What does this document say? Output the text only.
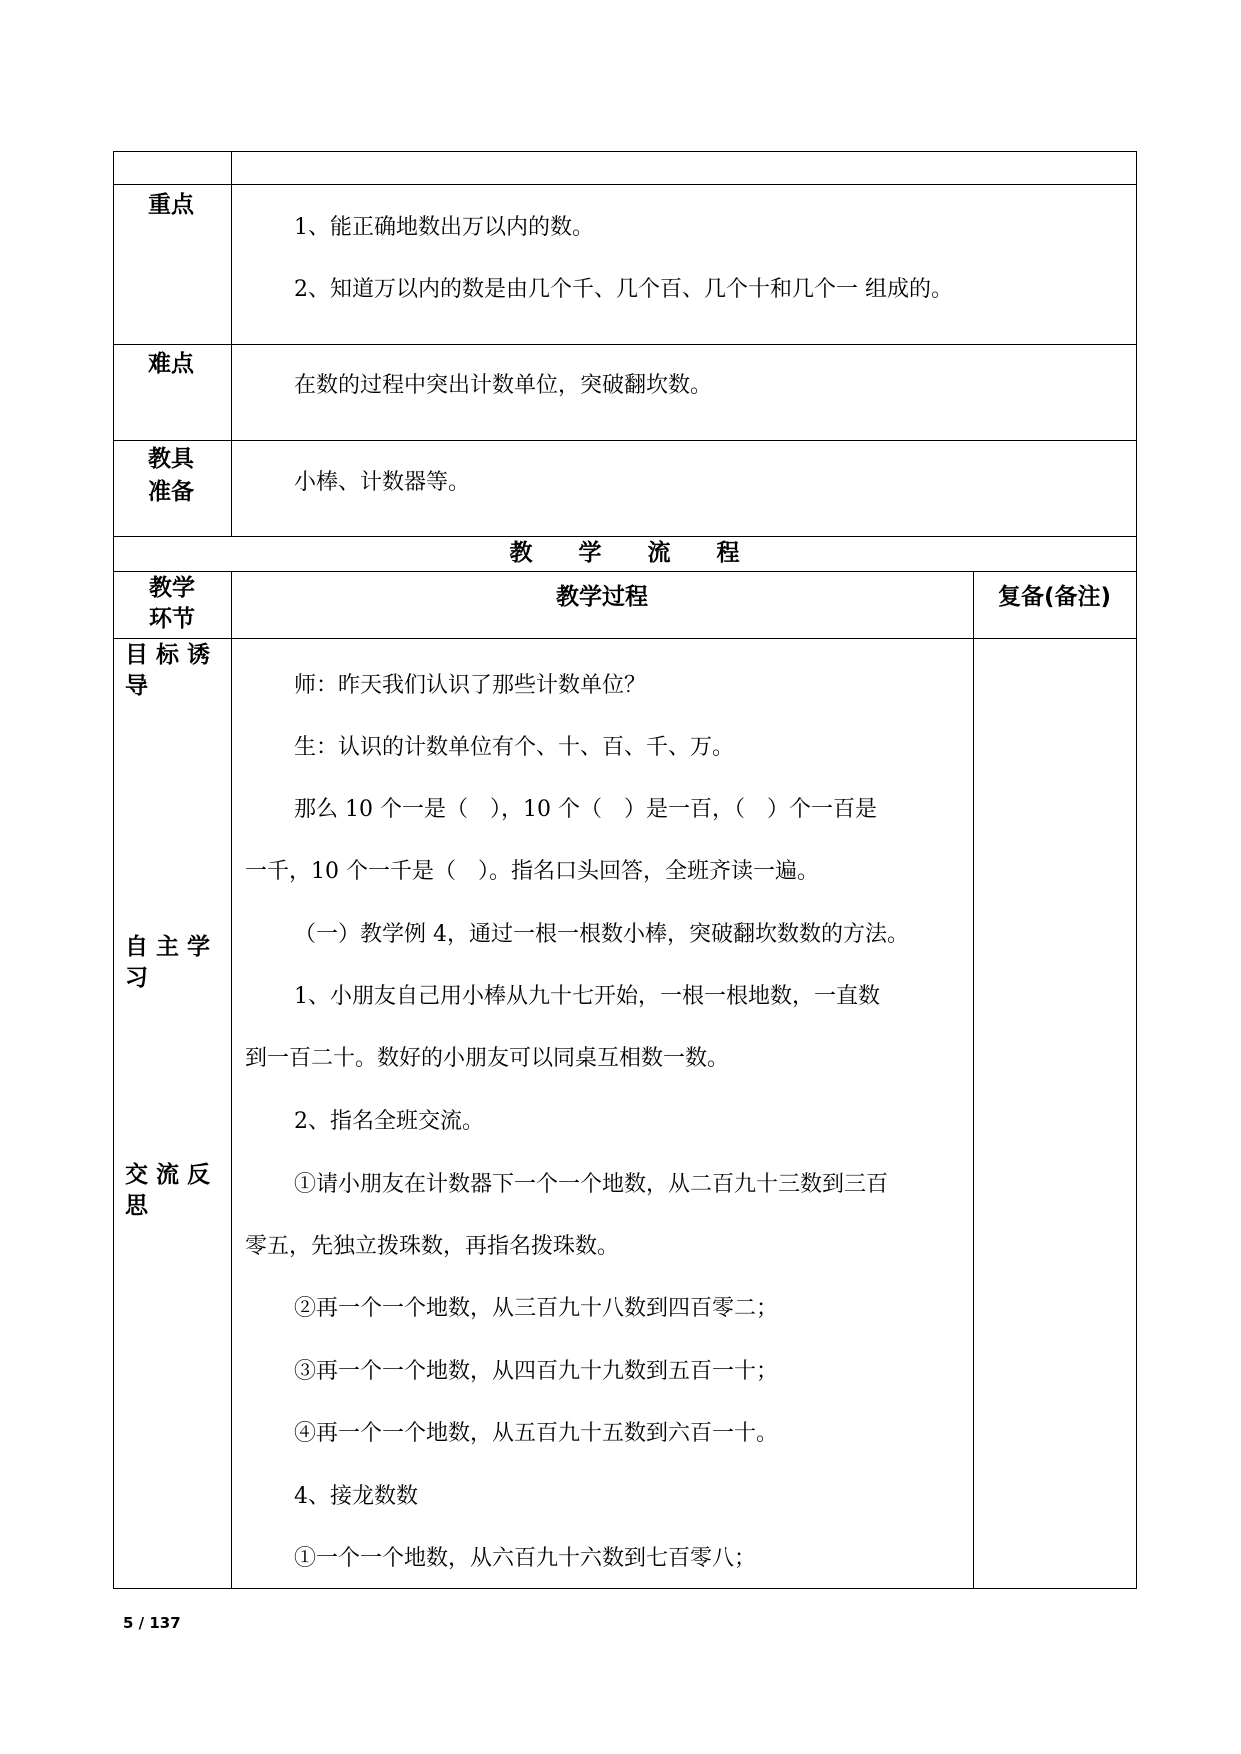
重点
1、能正确地数出万以内的数。
2、知道万以内的数是由几个千、几个百、几个十和几个一 组成的。
难点
在数的过程中突出计数单位，突破翻坎数。
教具
准备	小棒、计数器等。
教　　学　　流　　程
教学
环节
教学过程	复备(备注)
目 标 诱
导
自 主 学
习
交 流 反
思
师：昨天我们认识了那些计数单位？
生：认识的计数单位有个、十、百、千、万。
那么 10 个一是（　），10 个（　）是一百，（　）个一百是
一千，10 个一千是（　）。指名口头回答，全班齐读一遍。
（一）教学例 4，通过一根一根数小棒，突破翻坎数数的方法。
1、小朋友自己用小棒从九十七开始，一根一根地数，一直数
到一百二十。数好的小朋友可以同桌互相数一数。
2、指名全班交流。
①请小朋友在计数器下一个一个地数，从二百九十三数到三百
零五，先独立拨珠数，再指名拨珠数。
②再一个一个地数，从三百九十八数到四百零二；
③再一个一个地数，从四百九十九数到五百一十；
④再一个一个地数，从五百九十五数到六百一十。
4、接龙数数
①一个一个地数，从六百九十六数到七百零八；
5 / 137
